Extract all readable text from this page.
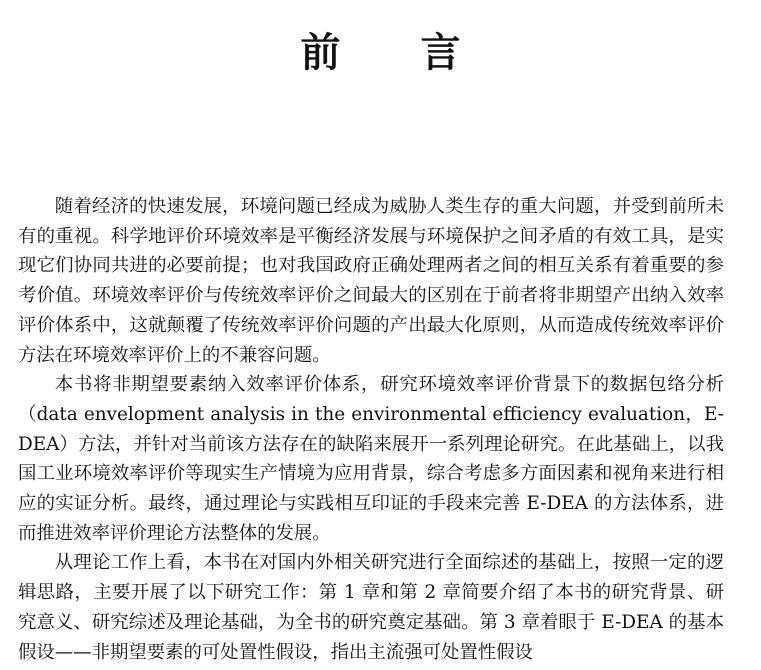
前　　言

随着经济的快速发展，环境问题已经成为威胁人类生存的重大问题，并受到前所未有的重视。科学地评价环境效率是平衡经济发展与环境保护之间矛盾的有效工具，是实现它们协同共进的必要前提；也对我国政府正确处理两者之间的相互关系有着重要的参考价值。环境效率评价与传统效率评价之间最大的区别在于前者将非期望产出纳入效率评价体系中，这就颠覆了传统效率评价问题的产出最大化原则，从而造成传统效率评价方法在环境效率评价上的不兼容问题。

本书将非期望要素纳入效率评价体系，研究环境效率评价背景下的数据包络分析（data envelopment analysis in the environmental efficiency evaluation，E-DEA）方法，并针对当前该方法存在的缺陷来展开一系列理论研究。在此基础上，以我国工业环境效率评价等现实生产情境为应用背景，综合考虑多方面因素和视角来进行相应的实证分析。最终，通过理论与实践相互印证的手段来完善 E-DEA 的方法体系，进而推进效率评价理论方法整体的发展。

从理论工作上看，本书在对国内外相关研究进行全面综述的基础上，按照一定的逻辑思路，主要开展了以下研究工作：第 1 章和第 2 章简要介绍了本书的研究背景、研究意义、研究综述及理论基础，为全书的研究奠定基础。第 3 章着眼于 E-DEA 的基本假设——非期望要素的可处置性假设，指出主流强可处置性假设
